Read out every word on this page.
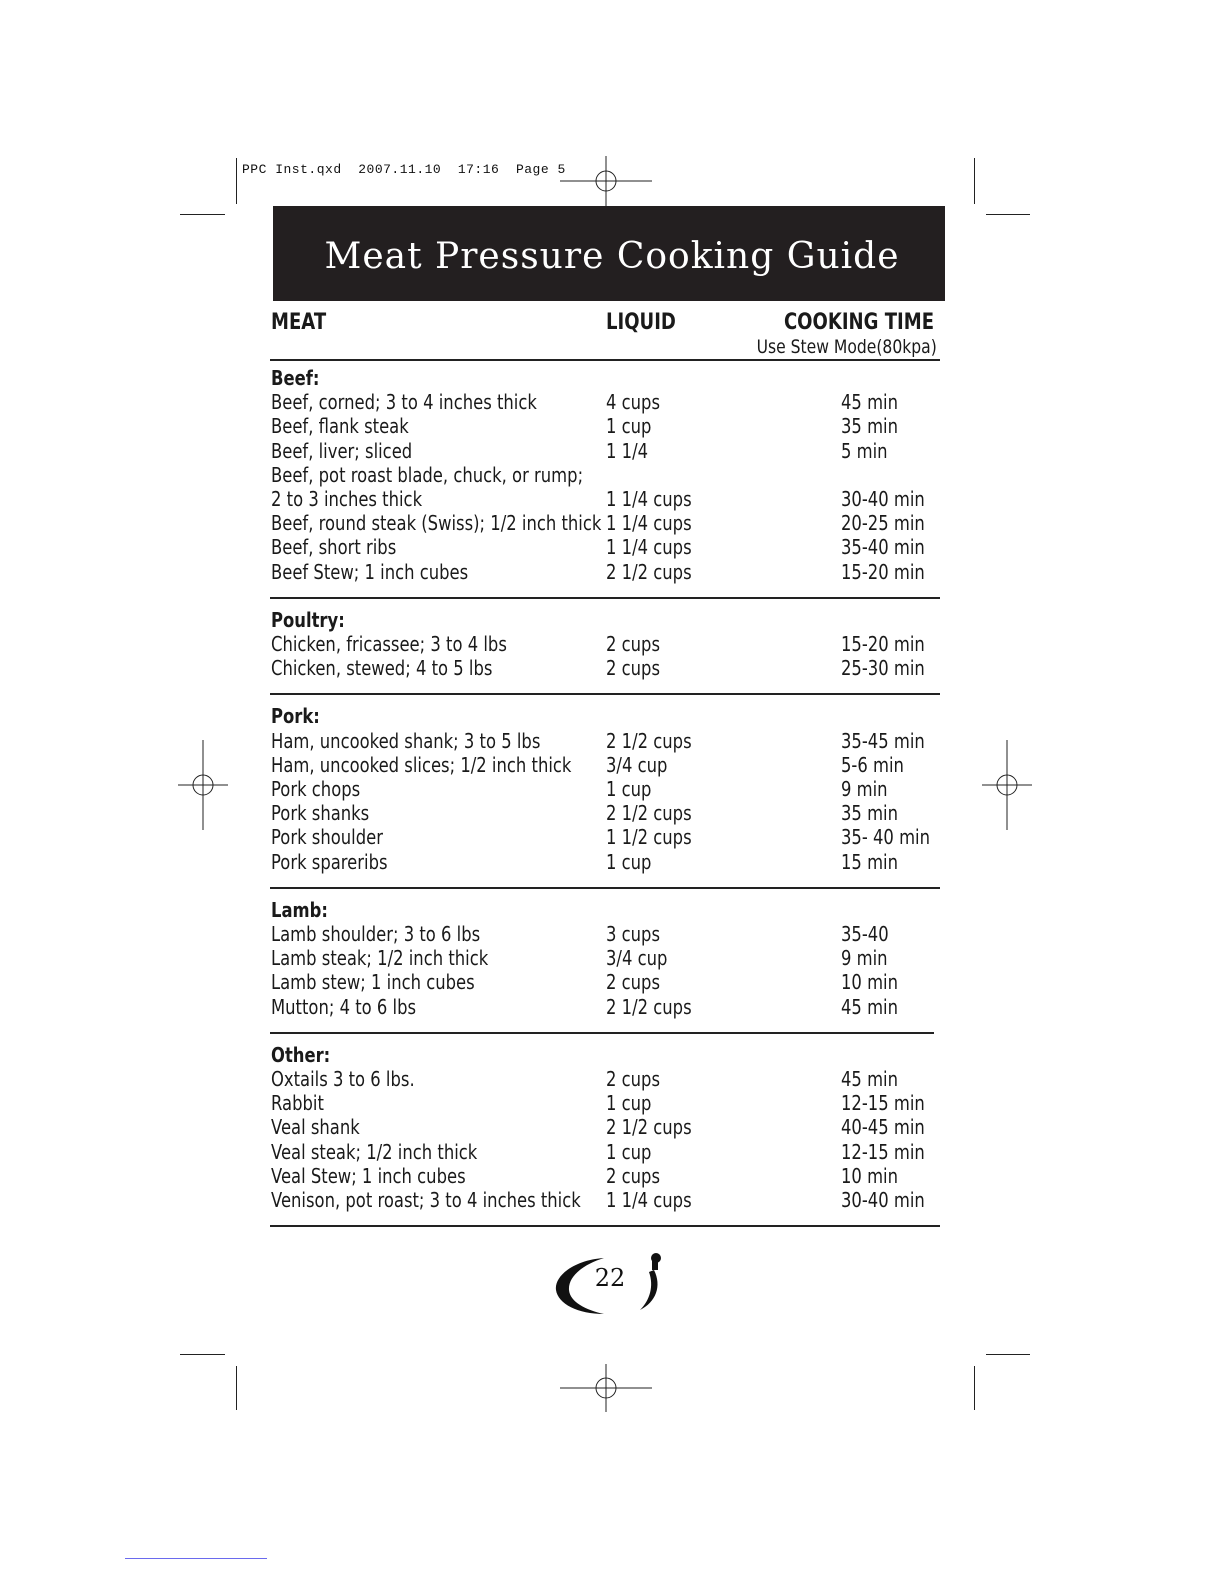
PPC Inst.qxd  2007.11.10  17:16  Page 5
Meat Pressure Cooking Guide
MEAT	LIQUID	COOKING TIME
Use Stew Mode(80kpa)
Beef:
Beef, corned; 3 to 4 inches thick	4 cups	45 min
Beef, flank steak	1 cup	35 min
Beef, liver; sliced	1 1/4	5 min
Beef, pot roast blade, chuck, or rump;
2 to 3 inches thick	1 1/4 cups	30-40 min
Beef, round steak (Swiss); 1/2 inch thick 1 1/4 cups	20-25 min
Beef, short ribs	1 1/4 cups	35-40 min
Beef Stew; 1 inch cubes	2 1/2 cups	15-20 min
Poultry:
Chicken, fricassee; 3 to 4 lbs	2 cups	15-20 min
Chicken, stewed; 4 to 5 lbs	2 cups	25-30 min
Pork:
Ham, uncooked shank; 3 to 5 lbs	2 1/2 cups	35-45 min
Ham, uncooked slices; 1/2 inch thick 3/4 cup	5-6 min
Pork chops	1 cup	9 min
Pork shanks	2 1/2 cups	35 min
Pork shoulder	1 1/2 cups	35- 40 min
Pork spareribs	1 cup	15 min
Lamb:
Lamb shoulder; 3 to 6 lbs	3 cups	35-40
Lamb steak; 1/2 inch thick	3/4 cup	9 min
Lamb stew; 1 inch cubes	2 cups	10 min
Mutton; 4 to 6 lbs	2 1/2 cups	45 min
Other:
Oxtails 3 to 6 lbs.	2 cups	45 min
Rabbit	1 cup	12-15 min
Veal shank	2 1/2 cups	40-45 min
Veal steak; 1/2 inch thick	1 cup	12-15 min
Veal Stew; 1 inch cubes	2 cups	10 min
Venison, pot roast; 3 to 4 inches thick 1 1/4 cups	30-40 min
22
